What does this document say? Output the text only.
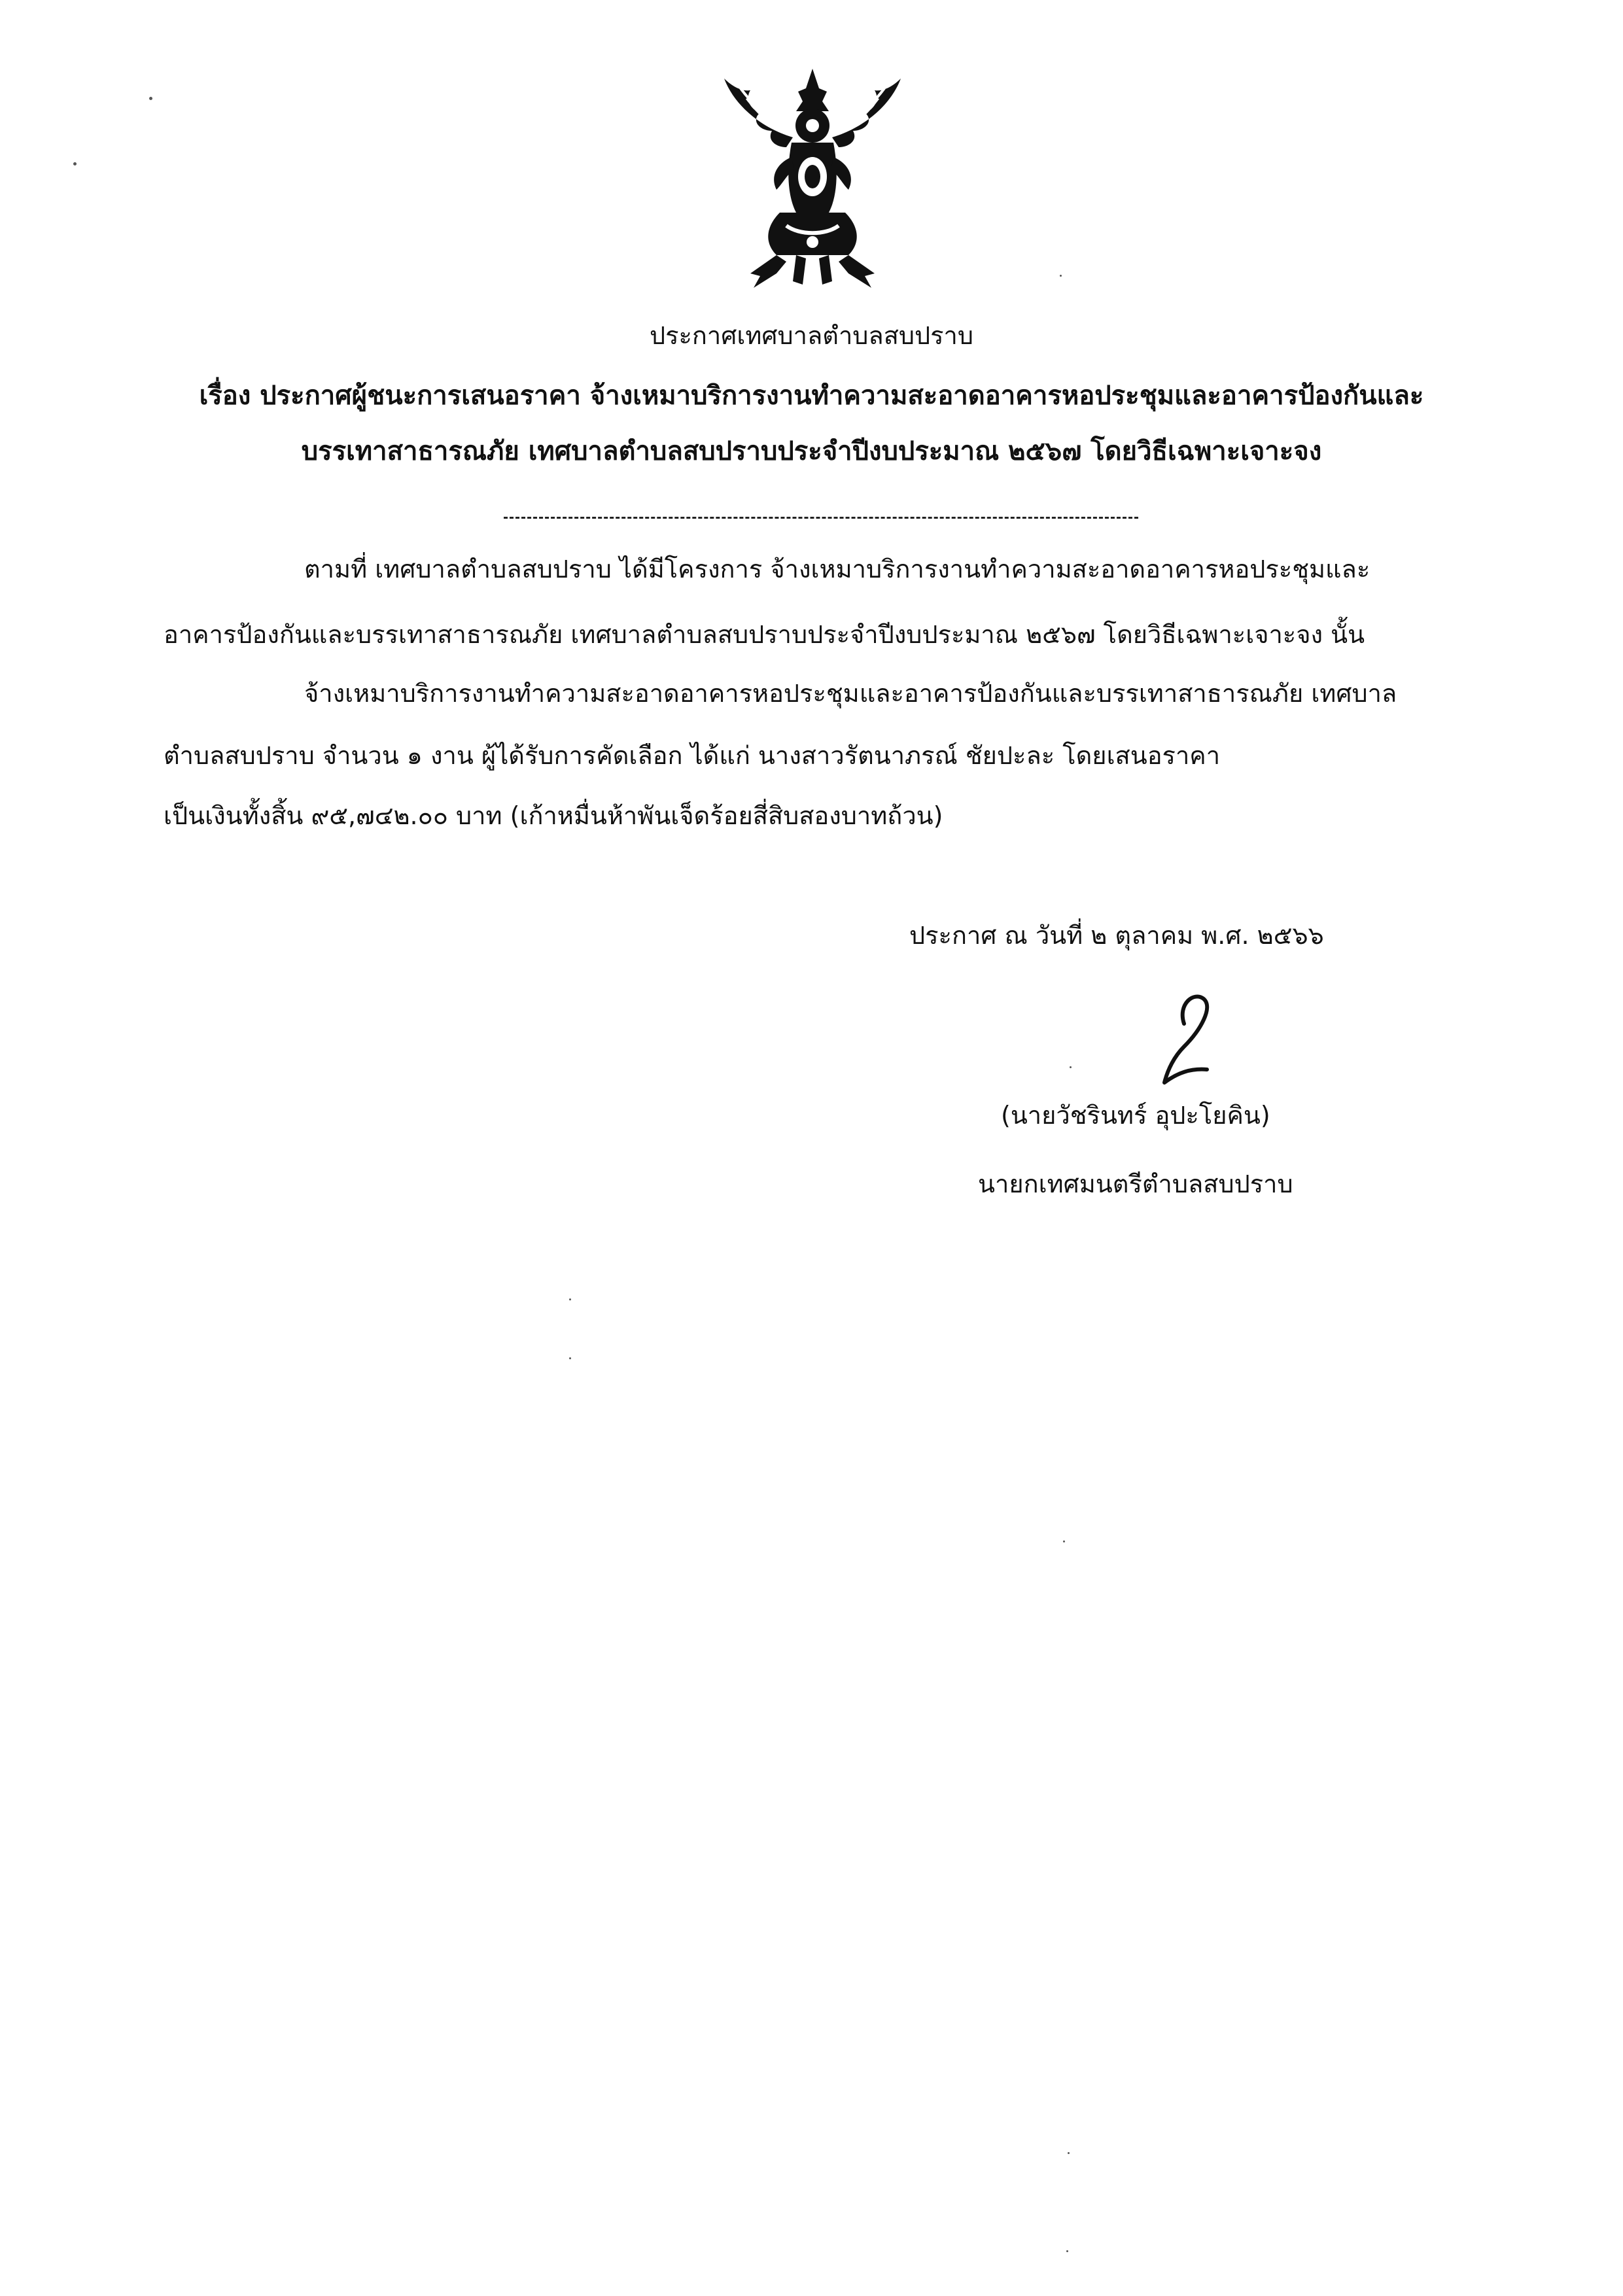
ประกาศเทศบาลตำบลสบปราบ
เรื่อง ประกาศผู้ชนะการเสนอราคา จ้างเหมาบริการงานทำความสะอาดอาคารหอประชุมและอาคารป้องกันและ
บรรเทาสาธารณภัย เทศบาลตำบลสบปราบประจำปีงบประมาณ ๒๕๖๗ โดยวิธีเฉพาะเจาะจง
ตามที่ เทศบาลตำบลสบปราบ ได้มีโครงการ จ้างเหมาบริการงานทำความสะอาดอาคารหอประชุมและ
อาคารป้องกันและบรรเทาสาธารณภัย เทศบาลตำบลสบปราบประจำปีงบประมาณ ๒๕๖๗ โดยวิธีเฉพาะเจาะจง นั้น
จ้างเหมาบริการงานทำความสะอาดอาคารหอประชุมและอาคารป้องกันและบรรเทาสาธารณภัย เทศบาล
ตำบลสบปราบ จำนวน ๑ งาน ผู้ได้รับการคัดเลือก ได้แก่ นางสาวรัตนาภรณ์ ชัยปะละ โดยเสนอราคา
เป็นเงินทั้งสิ้น ๙๕,๗๔๒.๐๐ บาท (เก้าหมื่นห้าพันเจ็ดร้อยสี่สิบสองบาทถ้วน)
ประกาศ ณ วันที่ ๒ ตุลาคม พ.ศ. ๒๕๖๖
(นายวัชรินทร์ อุปะโยคิน)
นายกเทศมนตรีตำบลสบปราบ
